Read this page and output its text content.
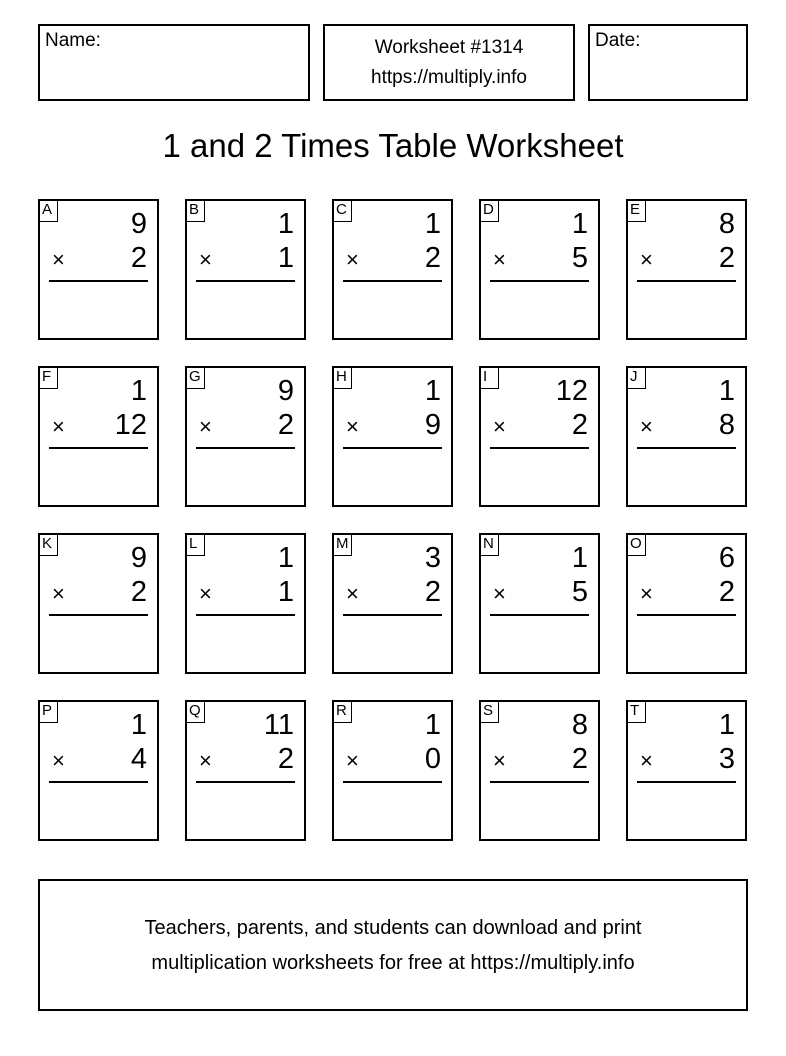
Name:	Worksheet #1314
https://multiply.info
Date:
1 and 2 Times Table Worksheet
A	9
× 2
B	1
× 1
C	1
× 2
D	1
× 5
E	8
× 2
F	1
× 12
G	9
× 2
H	1
× 9
I	12
× 2
J	1
× 8
K	9
× 2
L	1
× 1
M	3
× 2
N	1
× 5
O	6
× 2
P	1
× 4
Q 11
× 2
R	1
× 0
S	8
× 2
T	1
× 3
Teachers, parents, and students can download and print
multiplication worksheets for free at https://multiply.info
